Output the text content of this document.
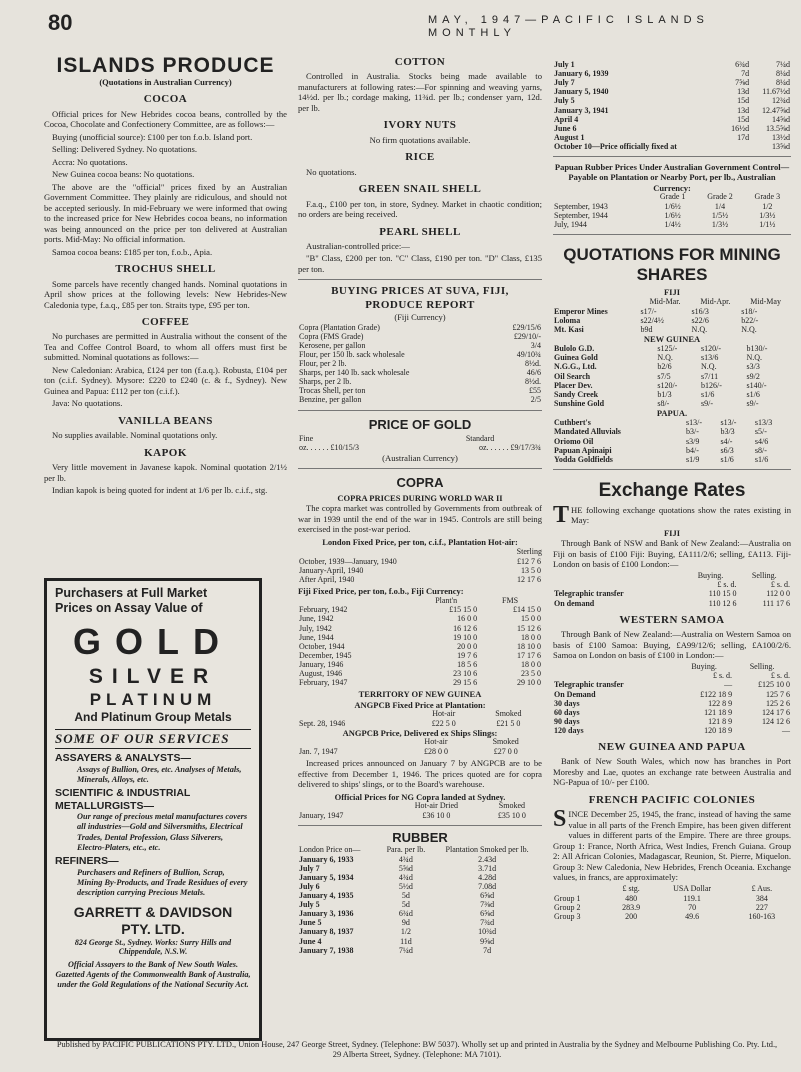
80	MAY, 1947—PACIFIC ISLANDS MONTHLY
ISLANDS PRODUCE
(Quotations in Australian Currency)
COCOA

Official prices for New Hebrides cocoa beans, controlled by the Cocoa, Chocolate and Confectionery Committee, are as follows:—

Buying (unofficial source): £100 per ton f.o.b. Island port.

Selling: Delivered Sydney. No quotations.

Accra: No quotations.

New Guinea cocoa beans: No quotations.

The above are the "official" prices fixed by an Australian Government Committee. They plainly are ridiculous, and should not be accepted seriously. In mid-February we were informed that owing to the increased price for New Hebrides cocoa beans, no information was being announced on the price per ton delivered at Australian ports. Mid-May: No official information.

Samoa cocoa beans: £185 per ton, f.o.b., Apia.

TROCHUS SHELL

Some parcels have recently changed hands. Nominal quotations in April show prices at the following levels: New Hebrides-New Caledonia type, f.a.q., £85 per ton. Straits type, £95 per ton.

COFFEE

No purchases are permitted in Australia without the consent of the Tea and Coffee Control Board, to whom all offers must first be submitted. Nominal quotations as follows:—

New Caledonian: Arabica, £124 per ton (f.a.q.). Robusta, £104 per ton (c.i.f. Sydney). Mysore: £220 to £240 (c. & f., Sydney). New Guinea and Papua: £112 per ton (c.i.f.).

Java: No quotations.

VANILLA BEANS

No supplies available. Nominal quotations only.

KAPOK

Very little movement in Javanese kapok. Nominal quotation 2/1½ per lb.

Indian kapok is being quoted for indent at 1/6 per lb. c.i.f., stg.

Purchasers at Full Market
Prices on Assay Value of
GOLD
SILVER
PLATINUM
And Platinum Group Metals
SOME OF OUR SERVICES
ASSAYERS & ANALYSTS—
Assays of Bullion, Ores, etc. Analyses of Metals, Minerals, Alloys, etc.
SCIENTIFIC & INDUSTRIAL METALLURGISTS—
Our range of precious metal manufactures covers all industries—Gold and Silversmiths, Electrical Trades, Dental Profession, Glass Silverers, Electro-Platers, etc., etc.
REFINERS—
Purchasers and Refiners of Bullion, Scrap, Mining By-Products, and Trade Residues of every description carrying Precious Metals.
GARRETT & DAVIDSON
PTY. LTD.
824 George St., Sydney. Works: Surry Hills and Chippendale, N.S.W.
Official Assayers to the Bank of New South Wales. Gazetted Agents of the Commonwealth Bank of Australia, under the Gold Regulations of the National Security Act.
COTTON

Controlled in Australia. Stocks being made available to manufacturers at following rates:—For spinning and weaving yarns, 14½d. per lb.; cordage making, 11¾d. per lb.; condenser yarn, 12d. per lb.

IVORY NUTS

No firm quotations available.

RICE

No quotations.

GREEN SNAIL SHELL

F.a.q., £100 per ton, in store, Sydney. Market in chaotic condition; no orders are being received.

PEARL SHELL

Australian-controlled price:—

"B" Class, £200 per ton. "C" Class, £190 per ton. "D" Class, £135 per ton.

BUYING PRICES AT SUVA, FIJI,
PRODUCE REPORT
(Fiji Currency)
Copra (Plantation Grade)	£29/15/6
Copra (FMS Grade)	£29/10/-
Kerosene, per gallon	3/4
Flour, per 150 lb. sack wholesale	49/10¾
Flour, per 2 lb.	8½d.
Sharps, per 140 lb. sack wholesale	46/6
Sharps, per 2 lb.	8½d.
Trocas Shell, per ton	£55
Benzine, per gallon	2/5
PRICE OF GOLD
Fine	Standard
oz. . . . . . £10/15/3	oz. . . . . . £9/17/3¾
(Australian Currency)
COPRA
COPRA PRICES DURING WORLD WAR II

The copra market was controlled by Governments from outbreak of war in 1939 until the end of the war in 1945. Controls are still being exercised in the post-war period.

London Fixed Price, per ton, c.i.f., Plantation Hot-air:
Sterling
October, 1939—January, 1940	£12 7 6
January-April, 1940	13 5 0
After April, 1940	12 17 6
Fiji Fixed Price, per ton, f.o.b., Fiji Currency:
	Plant'n	FMS
February, 1942	£15 15 0	£14 15 0
June, 1942	16 0 0	15 0 0
July, 1942	16 12 6	15 12 6
June, 1944	19 10 0	18 0 0
October, 1944	20 0 0	18 10 0
December, 1945	19 7 6	17 17 6
January, 1946	18 5 6	18 0 0
August, 1946	23 10 6	23 5 0
February, 1947	29 15 6	29 10 0
TERRITORY OF NEW GUINEA
ANGPCB Fixed Price at Plantation:
	Hot-air	Smoked
Sept. 28, 1946	£22 5 0	£21 5 0
ANGPCB Price, Delivered ex Ships Slings:
	Hot-air	Smoked
Jan. 7, 1947	£28 0 0	£27 0 0

Increased prices announced on January 7 by ANGPCB are to be effective from December 1, 1946. The prices quoted are for copra delivered to ships' slings, or to the Board's warehouse.

Official Prices for NG Copra landed at Sydney.
	Hot-air Dried	Smoked
January, 1947	£36 10 0	£35 10 0
RUBBER		
London Price on—	Para. per lb.	Plantation Smoked per lb.
January 6, 1933	4¾d	2.43d
July 7	5⅝d	3.71d
January 5, 1934	4¾d	4.28d
July 6	5½d	7.08d
January 4, 1935	5d	6⅝d
July 5	5d	7⅜d
January 3, 1936	6¾d	6⅝d
June 5	9d	7¾d
January 8, 1937	1/2	10¾d
June 4	11d	9⅝d
January 7, 1938	7¼d	7d
July 1	6¾d	7¼d
January 6, 1939	7d	8¼d
July 7	7⅝d	8¼d
January 5, 1940	13d	11.67½d
July 5	15d	12¾d
January 3, 1941	13d	12.47⅝d
April 4	15d	14⅝d
June 6	16½d	13.5⅝d
August 1	17d	13½d
October 10—Price officially fixed at		13⅝d
Papuan Rubber Prices Under Australian Government Control—Payable on Plantation or Nearby Port, per lb., Australian Currency:
	Grade 1	Grade 2	Grade 3
September, 1943	1/6½	1/4	1/2
September, 1944	1/6½	1/5½	1/3½
July, 1944	1/4½	1/3½	1/1½
QUOTATIONS FOR MINING SHARES
FIJI
	Mid-Mar.	Mid-Apr.	Mid-May
Emperor Mines	s17/-	s16/3	s18/-
Loloma	s22/4½	s22/6	b22/-
Mt. Kasi	b9d	N.Q.	N.Q.
NEW GUINEA
Bulolo G.D.	s125/-	s120/-	b130/-
Guinea Gold	N.Q.	s13/6	N.Q.
N.G.G., Ltd.	b2/6	N.Q.	s3/3
Oil Search	s7/5	s7/11	s9/2
Placer Dev.	s120/-	b126/-	s140/-
Sandy Creek	b1/3	s1/6	s1/6
Sunshine Gold	s8/-	s9/-	s9/-
PAPUA.
Cuthbert's	s13/-	s13/-	s13/3
Mandated Alluvials	b3/-	b3/3	s5/-
Oriomo Oil	s3/9	s4/-	s4/6
Papuan Apinaipi	b4/-	s6/3	s8/-
Yodda Goldfields	s1/9	s1/6	s1/6
Exchange Rates

THE following exchange quotations show the rates existing in May:

FIJI

Through Bank of NSW and Bank of New Zealand:—Australia on Fiji on basis of £100 Fiji: Buying, £A111/2/6; selling, £A113. Fiji-London on basis of £100 London:—

	Buying.	Selling.
	£ s. d.	£ s. d.
Telegraphic transfer	110 15 0	112 0 0
On demand	110 12 6	111 17 6
WESTERN SAMOA

Through Bank of New Zealand:—Australia on Western Samoa on basis of £100 Samoa: Buying, £A99/12/6; selling, £A100/2/6. Samoa on London on basis of £100 in London:—

	Buying.	Selling.
	£ s. d.	£ s. d.
Telegraphic transfer	—	£125 10 0
On Demand	£122 18 9	125 7 6
30 days	122 8 9	125 2 6
60 days	121 18 9	124 17 6
90 days	121 8 9	124 12 6
120 days	120 18 9	—
NEW GUINEA AND PAPUA

Bank of New South Wales, which now has branches in Port Moresby and Lae, quotes an exchange rate between Australia and NG-Papua of 10/- per £100.

FRENCH PACIFIC COLONIES

SINCE December 25, 1945, the franc, instead of having the same value in all parts of the French Empire, has been given different values in different parts of the Empire. There are three groups. Group 1: France, North Africa, West Indies, French Guiana. Group 2: All African Colonies, Madagascar, Reunion, St. Pierre, Miquelon. Group 3: New Caledonia, New Hebrides, French Oceania. Exchange values, in francs, are approximately:

	£ stg.	USA Dollar	£ Aus.
Group 1	480	119.1	384
Group 2	283.9	70	227
Group 3	200	49.6	160-163
Published by PACIFIC PUBLICATIONS PTY. LTD., Union House, 247 George Street, Sydney. (Telephone: BW 5037). Wholly set up and printed in Australia by the Sydney and Melbourne Publishing Co. Pty. Ltd., 29 Alberta Street, Sydney. (Telephone: MA 7101).
